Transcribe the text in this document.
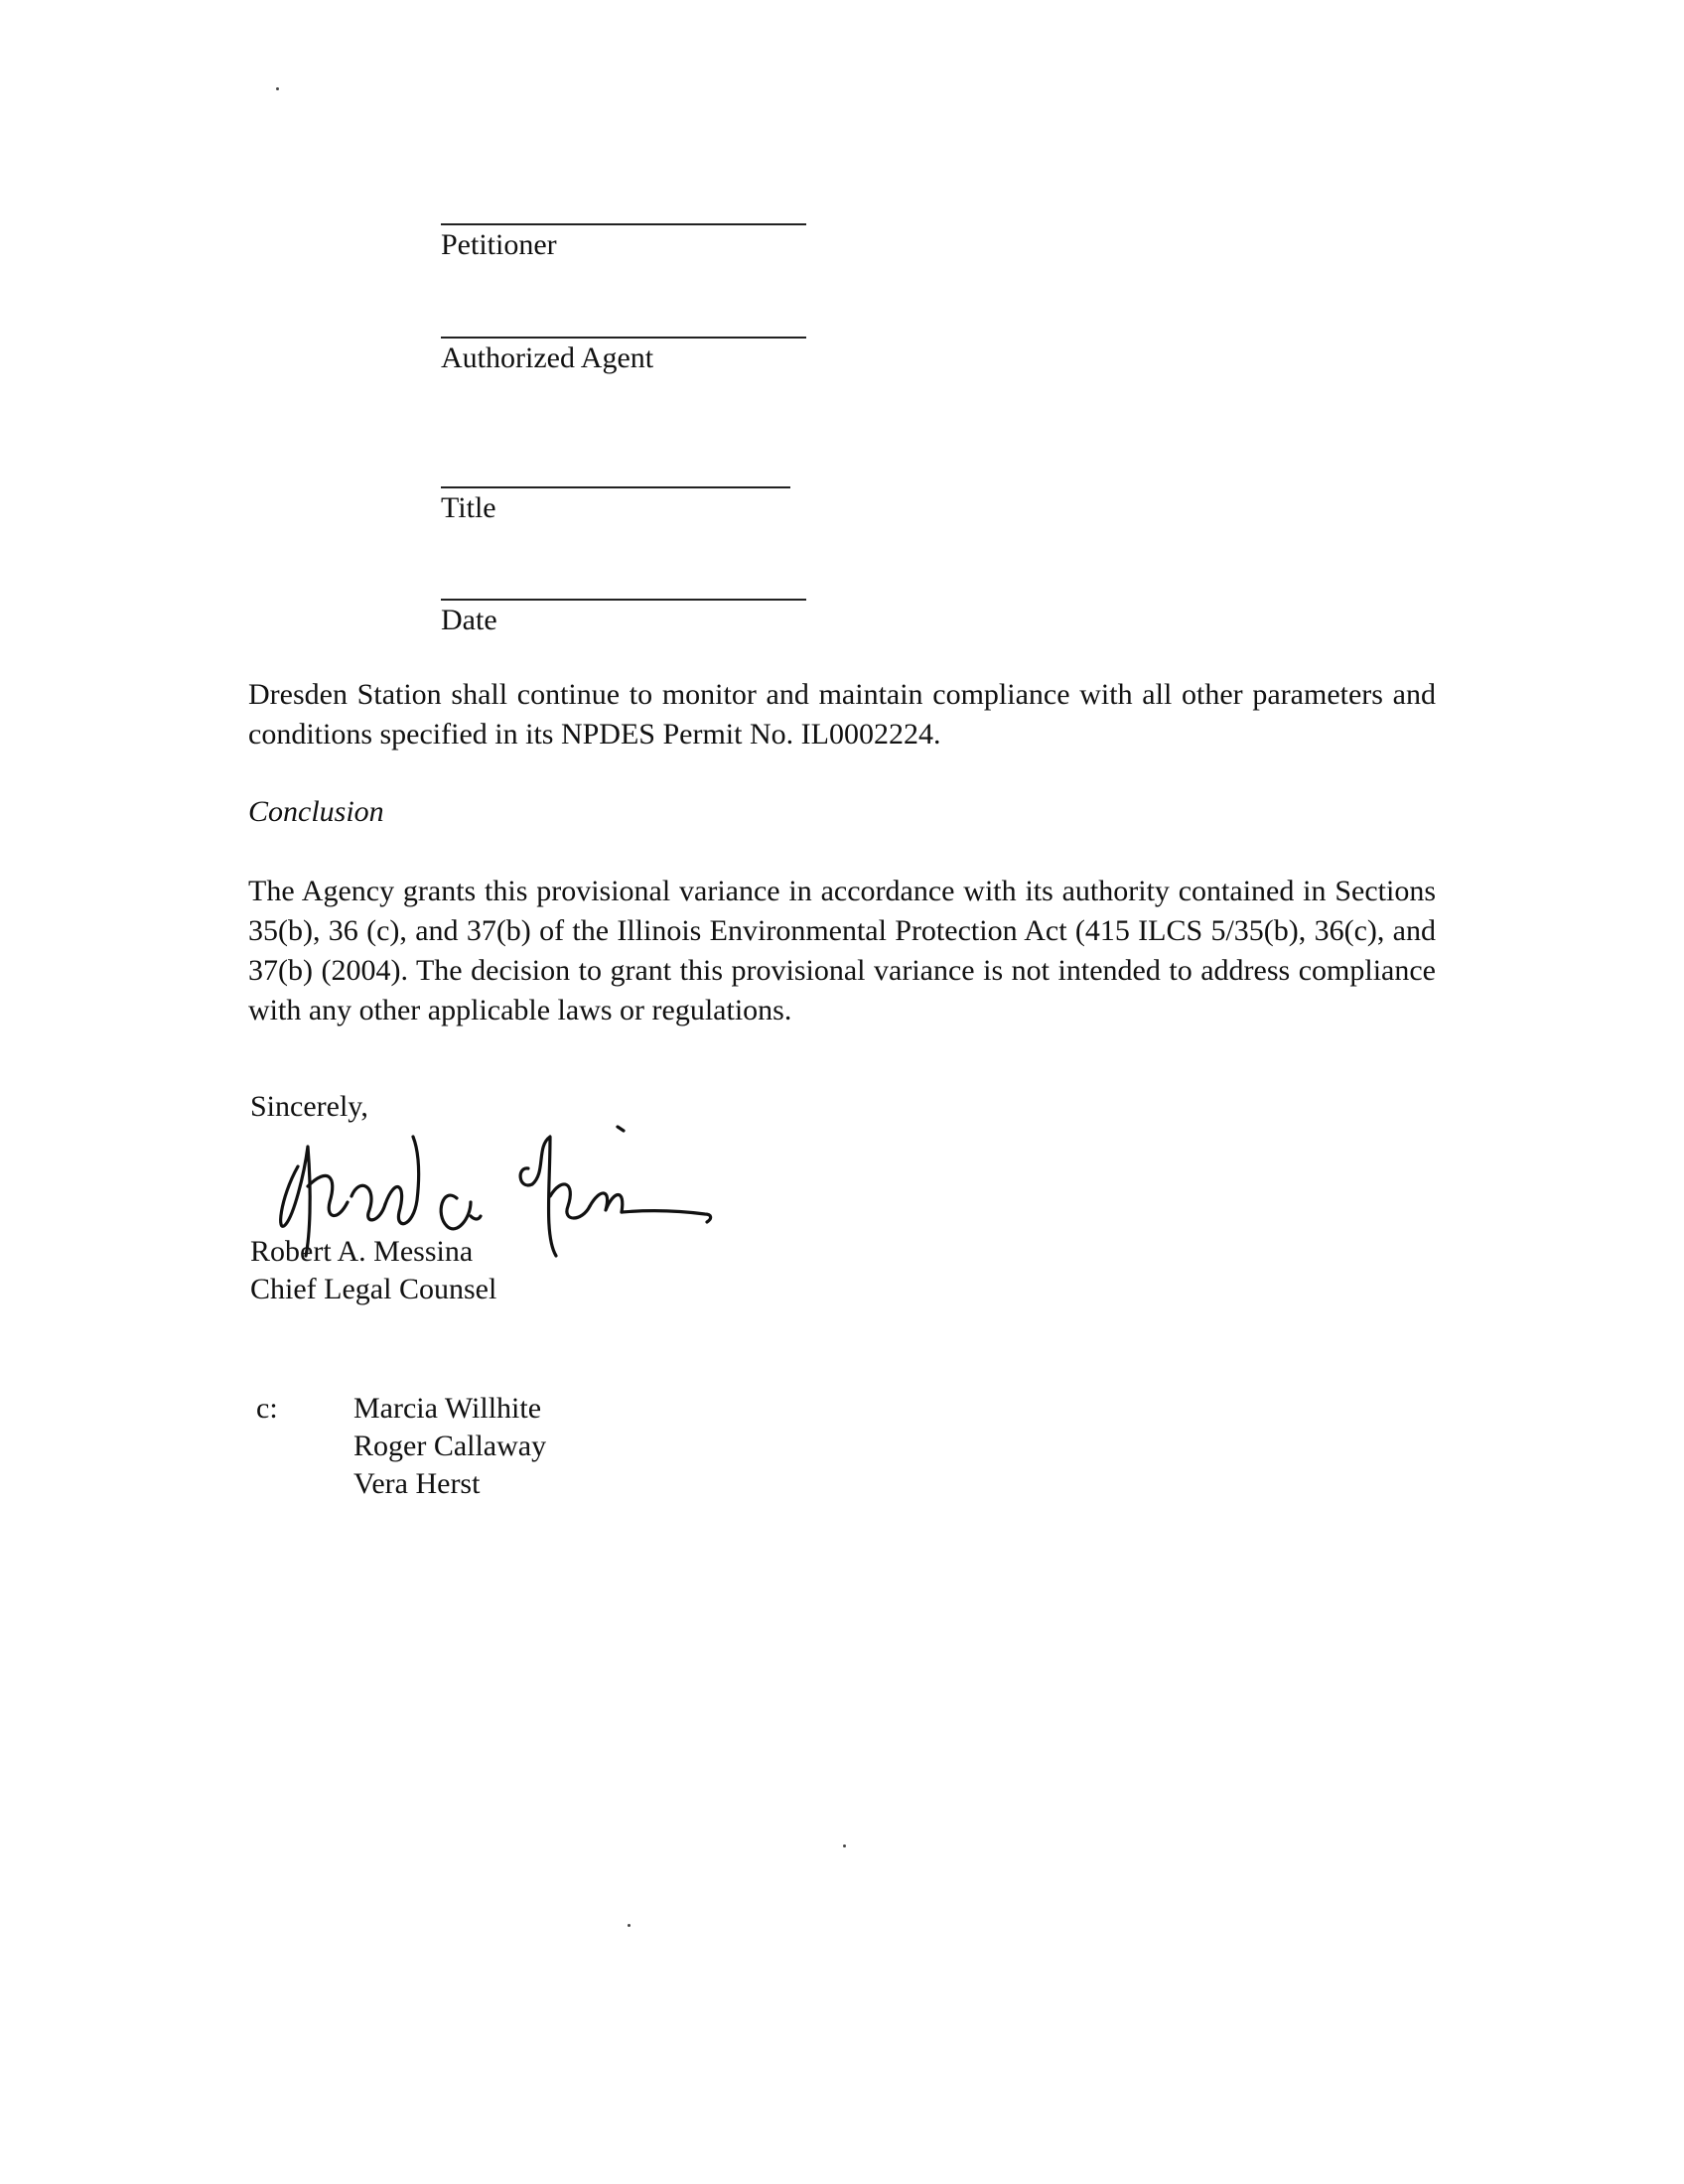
Petitioner
Authorized Agent
Title
Date
Dresden Station shall continue to monitor and maintain compliance with all other parameters and conditions specified in its NPDES Permit No. IL0002224.
Conclusion
The Agency grants this provisional variance in accordance with its authority contained in Sections 35(b), 36 (c), and 37(b) of the Illinois Environmental Protection Act (415 ILCS 5/35(b), 36(c), and 37(b) (2004). The decision to grant this provisional variance is not intended to address compliance with any other applicable laws or regulations.
Sincerely,
Robert A. Messina
Chief Legal Counsel
c:	Marcia Willhite
Roger Callaway
Vera Herst
